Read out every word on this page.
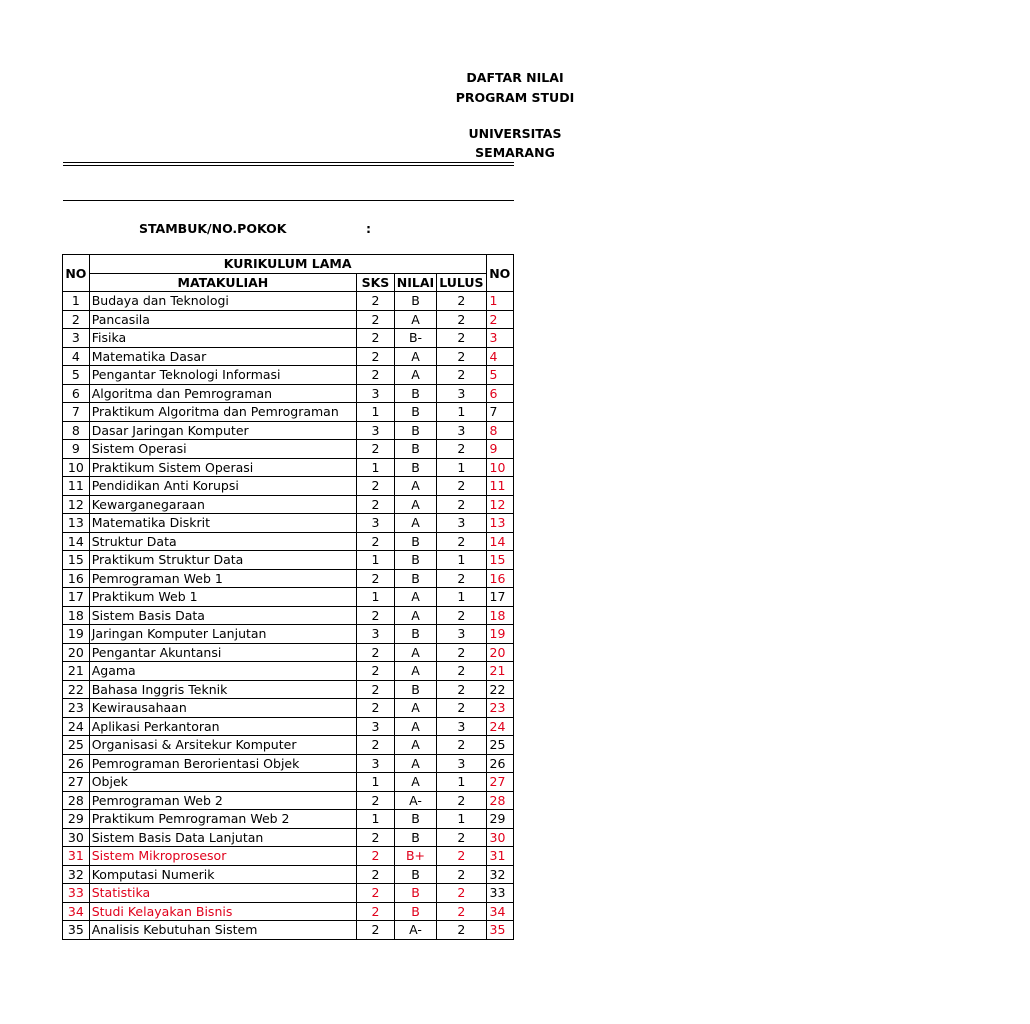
DAFTAR NILAI
PROGRAM STUDI
UNIVERSITAS
SEMARANG
STAMBUK/NO.POKOK	:
NO	KURIKULUM LAMA				NO
	MATAKULIAH	SKS	NILAI	LULUS	
1	Budaya dan Teknologi	2	B	2	1
2	Pancasila	2	A	2	2
3	Fisika	2	B-	2	3
4	Matematika Dasar	2	A	2	4
5	Pengantar Teknologi Informasi	2	A	2	5
6	Algoritma dan Pemrograman	3	B	3	6
7	Praktikum Algoritma dan Pemrograman	1	B	1	7
8	Dasar Jaringan Komputer	3	B	3	8
9	Sistem Operasi	2	B	2	9
10	Praktikum Sistem Operasi	1	B	1	10
11	Pendidikan Anti Korupsi	2	A	2	11
12	Kewarganegaraan	2	A	2	12
13	Matematika Diskrit	3	A	3	13
14	Struktur Data	2	B	2	14
15	Praktikum Struktur Data	1	B	1	15
16	Pemrograman Web 1	2	B	2	16
17	Praktikum Web 1	1	A	1	17
18	Sistem Basis Data	2	A	2	18
19	Jaringan Komputer Lanjutan	3	B	3	19
20	Pengantar Akuntansi	2	A	2	20
21	Agama	2	A	2	21
22	Bahasa Inggris Teknik	2	B	2	22
23	Kewirausahaan	2	A	2	23
24	Aplikasi Perkantoran	3	A	3	24
25	Organisasi & Arsitekur Komputer	2	A	2	25
26	Pemrograman Berorientasi Objek	3	A	3	26
27	Objek	1	A	1	27
28	Pemrograman Web 2	2	A-	2	28
29	Praktikum Pemrograman Web 2	1	B	1	29
30	Sistem Basis Data Lanjutan	2	B	2	30
31	Sistem Mikroprosesor	2	B+	2	31
32	Komputasi Numerik	2	B	2	32
33	Statistika	2	B	2	33
34	Studi Kelayakan Bisnis	2	B	2	34
35	Analisis Kebutuhan Sistem	2	A-	2	35
